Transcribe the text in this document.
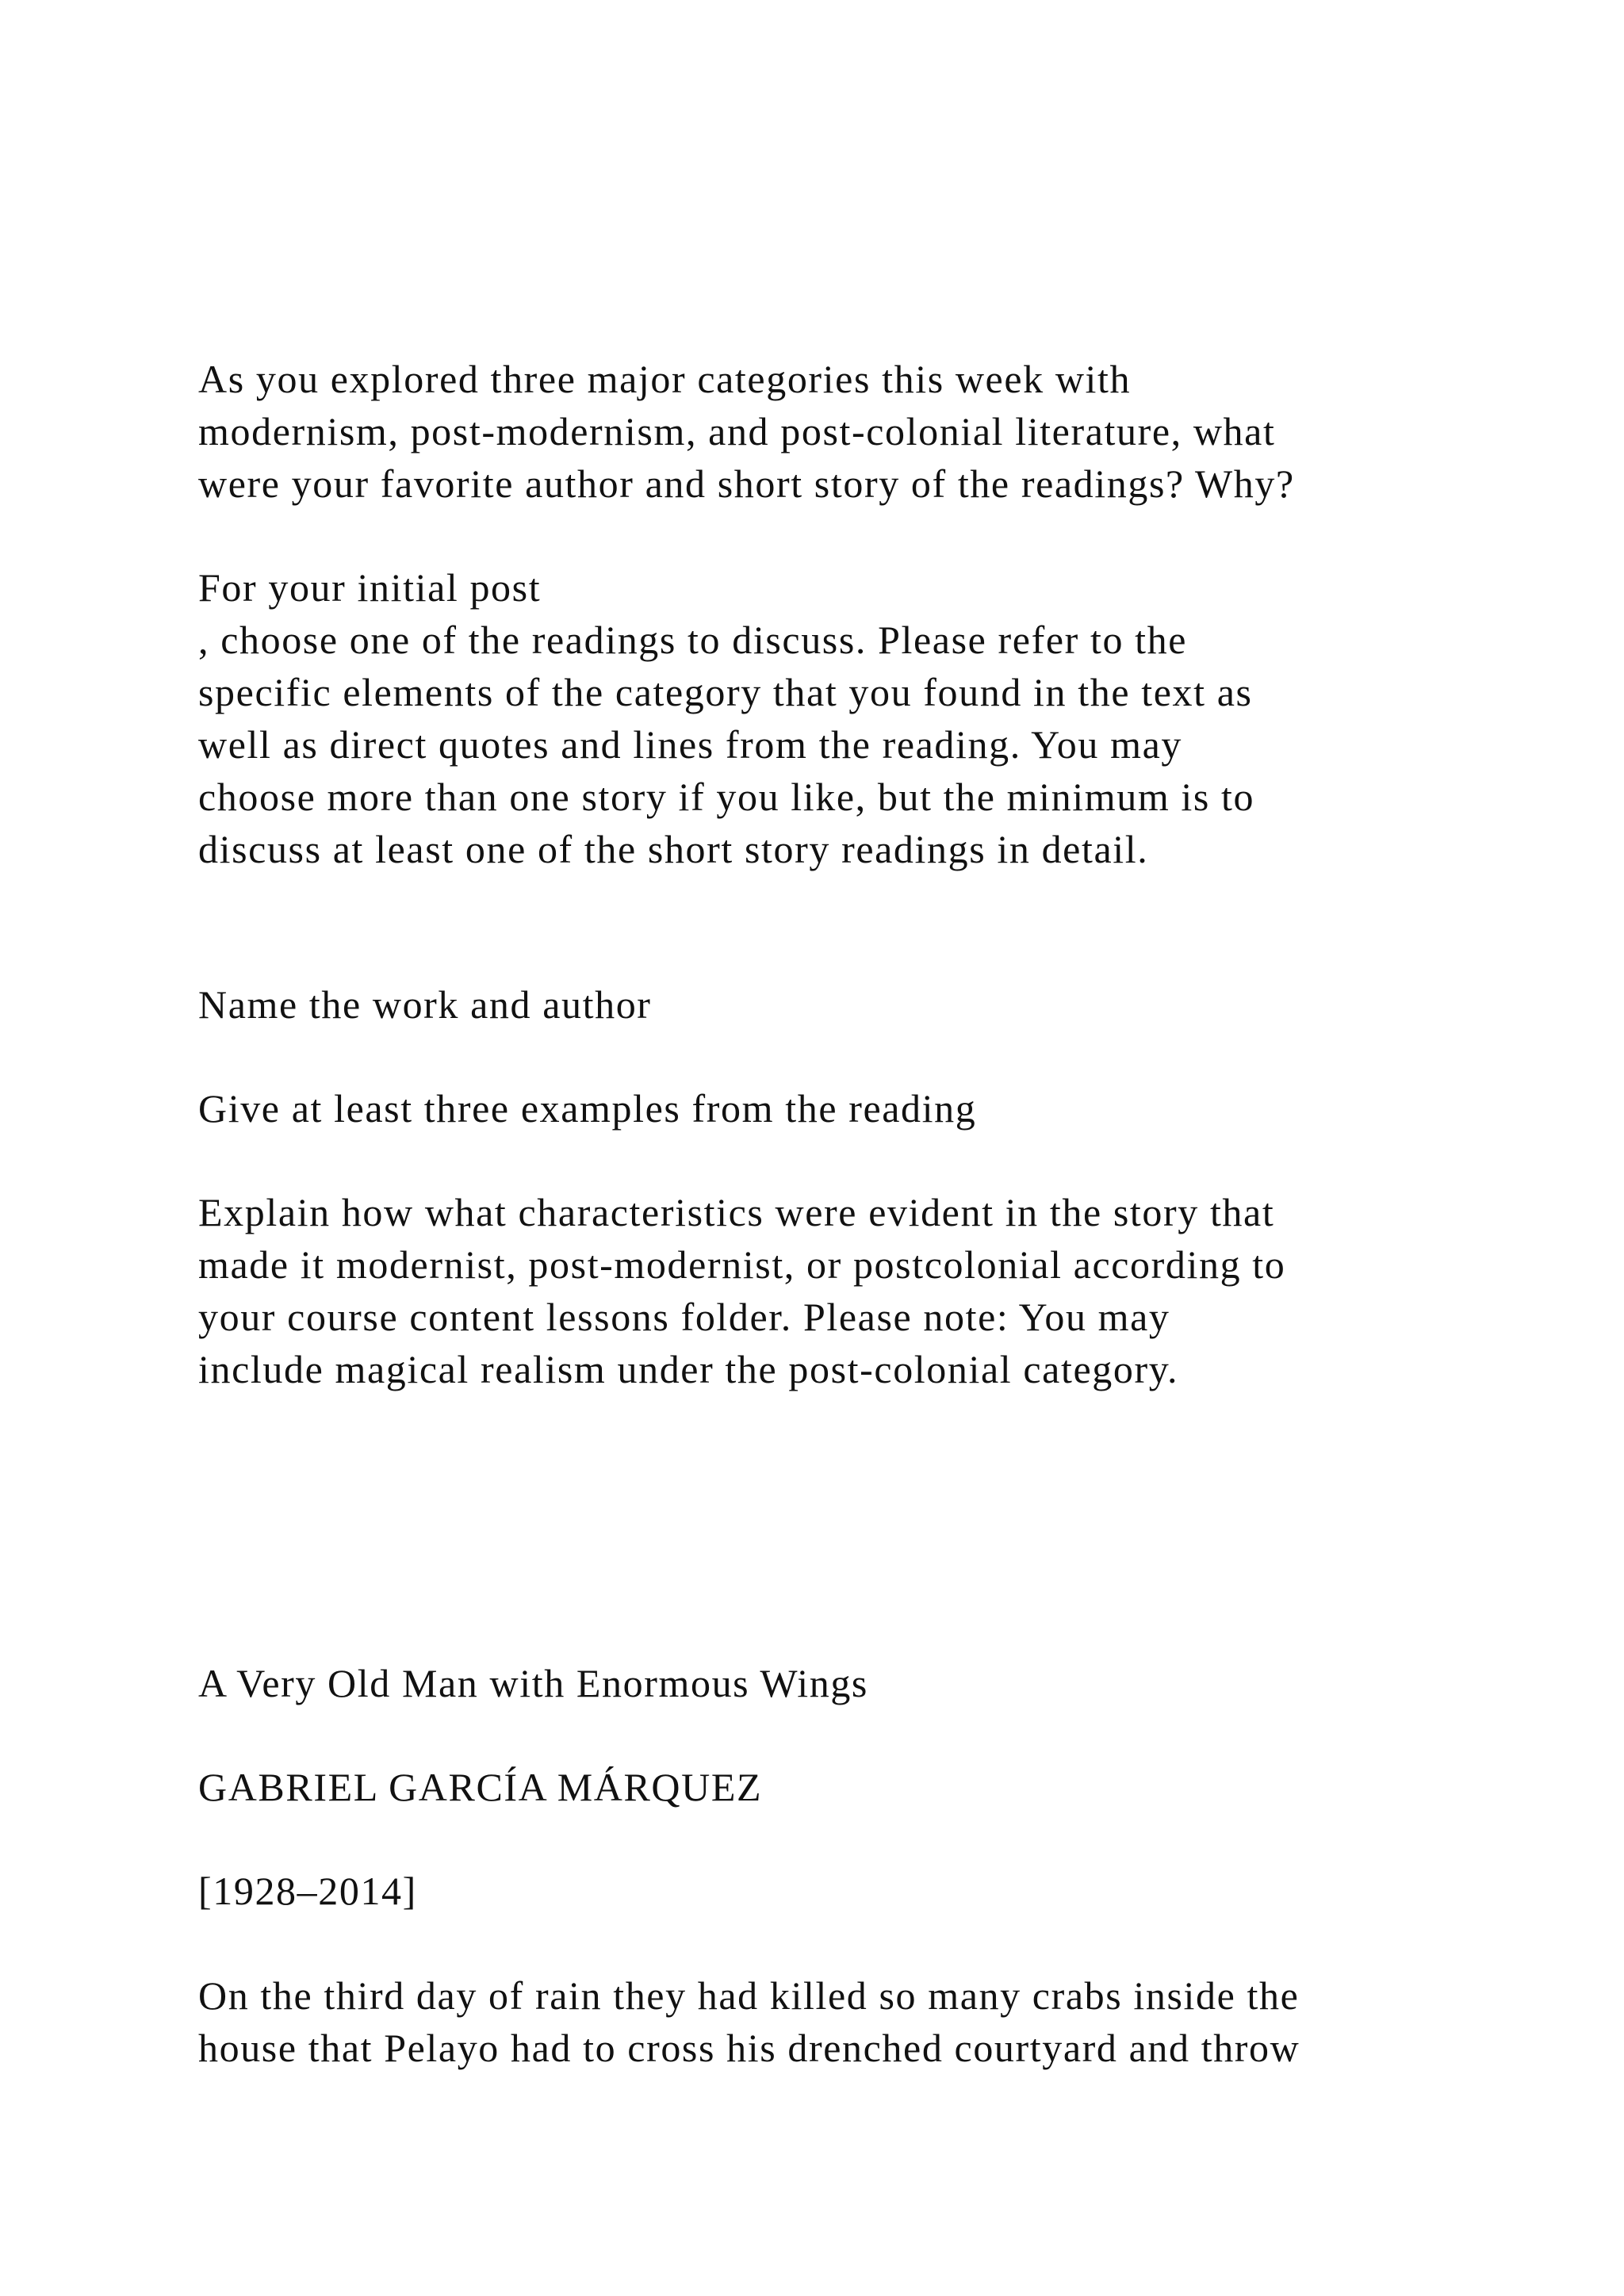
As you explored three major categories this week with

modernism, post-modernism, and post-colonial literature, what

were your favorite author and short story of the readings? Why?

For your initial post

, choose one of the readings to discuss. Please refer to the

specific elements of the category that you found in the text as

well as direct quotes and lines from the reading. You may

choose more than one story if you like, but the minimum is to

discuss at least one of the short story readings in detail.

Name the work and author

Give at least three examples from the reading

Explain how what characteristics were evident in the story that

made it modernist, post-modernist, or postcolonial according to

your course content lessons folder. Please note: You may

include magical realism under the post-colonial category.

A Very Old Man with Enormous Wings

GABRIEL GARCÍA MÁRQUEZ

[1928–2014]

On the third day of rain they had killed so many crabs inside the

house that Pelayo had to cross his drenched courtyard and throw
